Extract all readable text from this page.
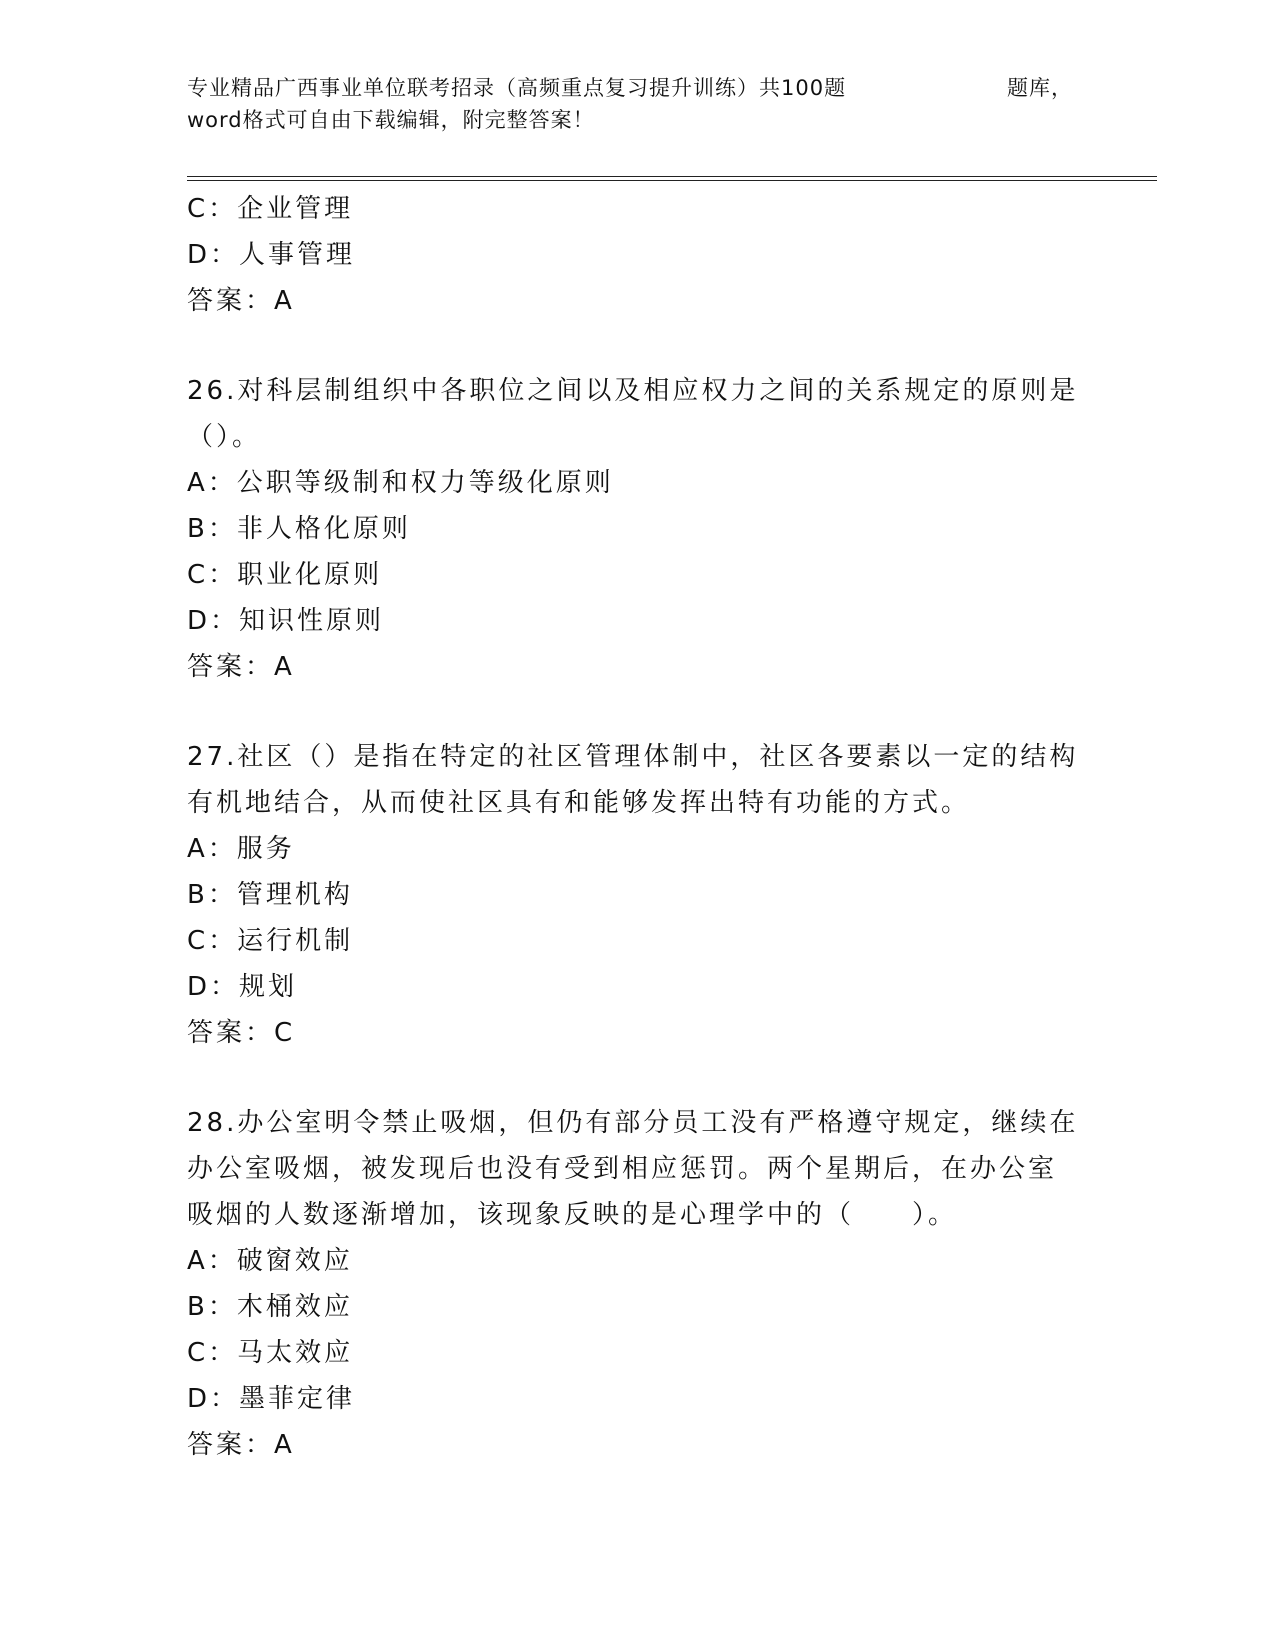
专业精品广西事业单位联考招录（高频重点复习提升训练）共100题	题库，
word格式可自由下载编辑，附完整答案！
C：企业管理
D：人事管理
答案：A
26.对科层制组织中各职位之间以及相应权力之间的关系规定的原则是
（）。
A：公职等级制和权力等级化原则
B：非人格化原则
C：职业化原则
D：知识性原则
答案：A
27.社区（）是指在特定的社区管理体制中，社区各要素以一定的结构
有机地结合，从而使社区具有和能够发挥出特有功能的方式。
A：服务
B：管理机构
C：运行机制
D：规划
答案：C
28.办公室明令禁止吸烟，但仍有部分员工没有严格遵守规定，继续在
办公室吸烟，被发现后也没有受到相应惩罚。两个星期后，在办公室
吸烟的人数逐渐增加，该现象反映的是心理学中的（　　）。
A：破窗效应
B：木桶效应
C：马太效应
D：墨菲定律
答案：A
